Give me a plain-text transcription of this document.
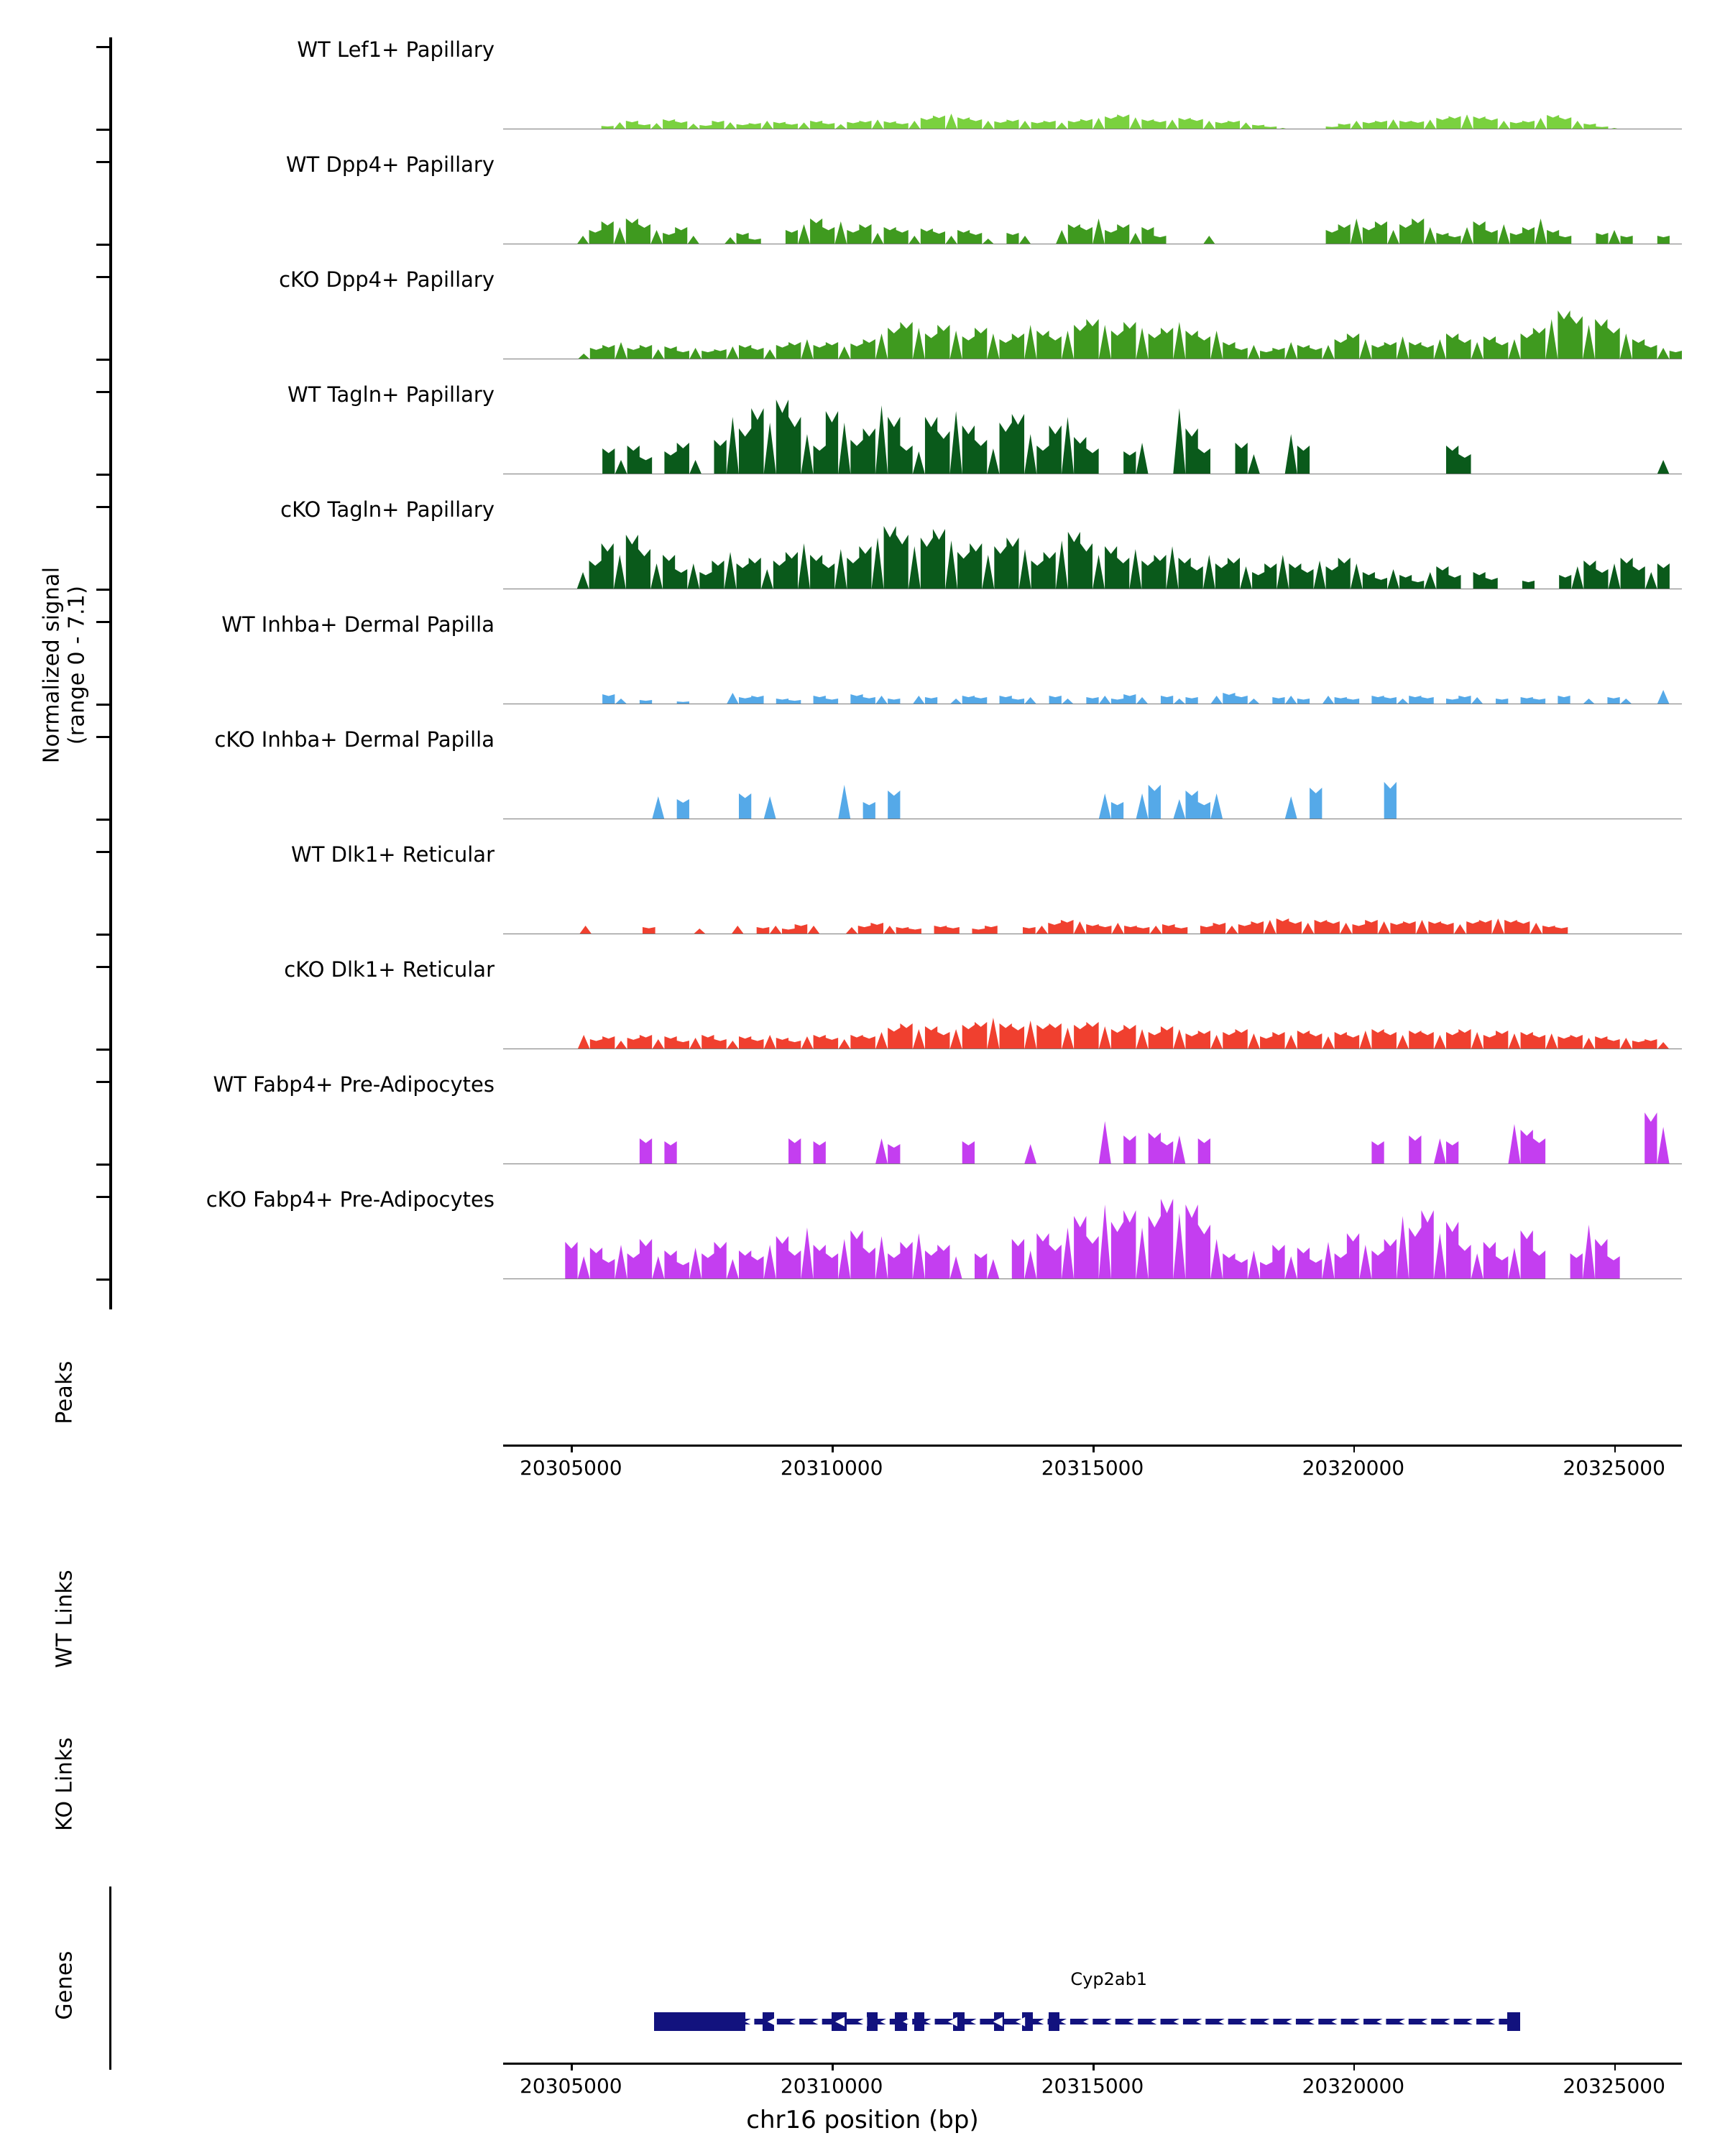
Normalized signal (range 0 - 7.1)
Peaks
WT Links
KO Links
Genes
WT Lef1+ Papillary
WT Dpp4+ Papillary
cKO Dpp4+ Papillary
WT Tagln+ Papillary
cKO Tagln+ Papillary
WT Inhba+ Dermal Papilla
cKO Inhba+ Dermal Papilla
WT Dlk1+ Reticular
cKO Dlk1+ Reticular
WT Fabp4+ Pre-Adipocytes
cKO Fabp4+ Pre-Adipocytes
20305000	20310000	20315000	20320000	20325000
20305000	20310000	20315000	20320000	20325000
Cyp2ab1
◀ ◀ ◀ ◀ ◀ ◀ ◀ ◀ ◀ ◀ ◀ ◀ ◀ ◀ ◀ ◀ ◀ ◀ ◀ ◀ ◀ ◀ ◀ ◀ ◀ ◀ ◀ ◀ ◀ ◀ ◀ ◀ ◀ ◀
chr16 position (bp)
